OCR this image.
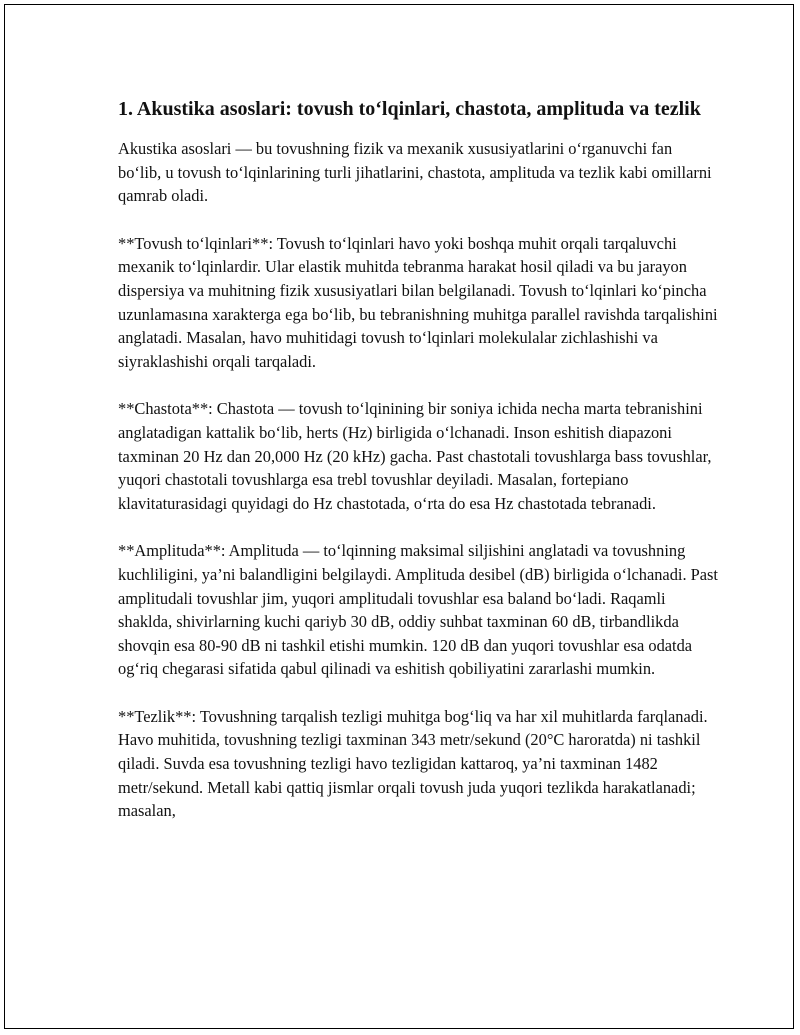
1. Akustika asoslari: tovush to‘lqinlari, chastota, amplituda va tezlik

Akustika asoslari — bu tovushning fizik va mexanik xususiyatlarini o‘rganuvchi fan bo‘lib, u tovush to‘lqinlarining turli jihatlarini, chastota, amplituda va tezlik kabi omillarni qamrab oladi.

**Tovush to‘lqinlari**: Tovush to‘lqinlari havo yoki boshqa muhit orqali tarqaluvchi mexanik to‘lqinlardir. Ular elastik muhitda tebranma harakat hosil qiladi va bu jarayon dispersiya va muhitning fizik xususiyatlari bilan belgilanadi. Tovush to‘lqinlari ko‘pincha uzunlamasına xarakterga ega bo‘lib, bu tebranishning muhitga parallel ravishda tarqalishini anglatadi. Masalan, havo muhitidagi tovush to‘lqinlari molekulalar zichlashishi va siyraklashishi orqali tarqaladi.

**Chastota**: Chastota — tovush to‘lqinining bir soniya ichida necha marta tebranishini anglatadigan kattalik bo‘lib, herts (Hz) birligida o‘lchanadi. Inson eshitish diapazoni taxminan 20 Hz dan 20,000 Hz (20 kHz) gacha. Past chastotali tovushlarga bass tovushlar, yuqori chastotali tovushlarga esa trebl tovushlar deyiladi. Masalan, fortepiano klavitaturasidagi quyidagi do Hz chastotada, o‘rta do esa Hz chastotada tebranadi.

**Amplituda**: Amplituda — to‘lqinning maksimal siljishini anglatadi va tovushning kuchliligini, ya’ni balandligini belgilaydi. Amplituda desibel (dB) birligida o‘lchanadi. Past amplitudali tovushlar jim, yuqori amplitudali tovushlar esa baland bo‘ladi. Raqamli shaklda, shivirlarning kuchi qariyb 30 dB, oddiy suhbat taxminan 60 dB, tirbandlikda shovqin esa 80-90 dB ni tashkil etishi mumkin. 120 dB dan yuqori tovushlar esa odatda og‘riq chegarasi sifatida qabul qilinadi va eshitish qobiliyatini zararlashi mumkin.

**Tezlik**: Tovushning tarqalish tezligi muhitga bog‘liq va har xil muhitlarda farqlanadi. Havo muhitida, tovushning tezligi taxminan 343 metr/sekund (20°C haroratda) ni tashkil qiladi. Suvda esa tovushning tezligi havo tezligidan kattaroq, ya’ni taxminan 1482 metr/sekund. Metall kabi qattiq jismlar orqali tovush juda yuqori tezlikda harakatlanadi; masalan,
